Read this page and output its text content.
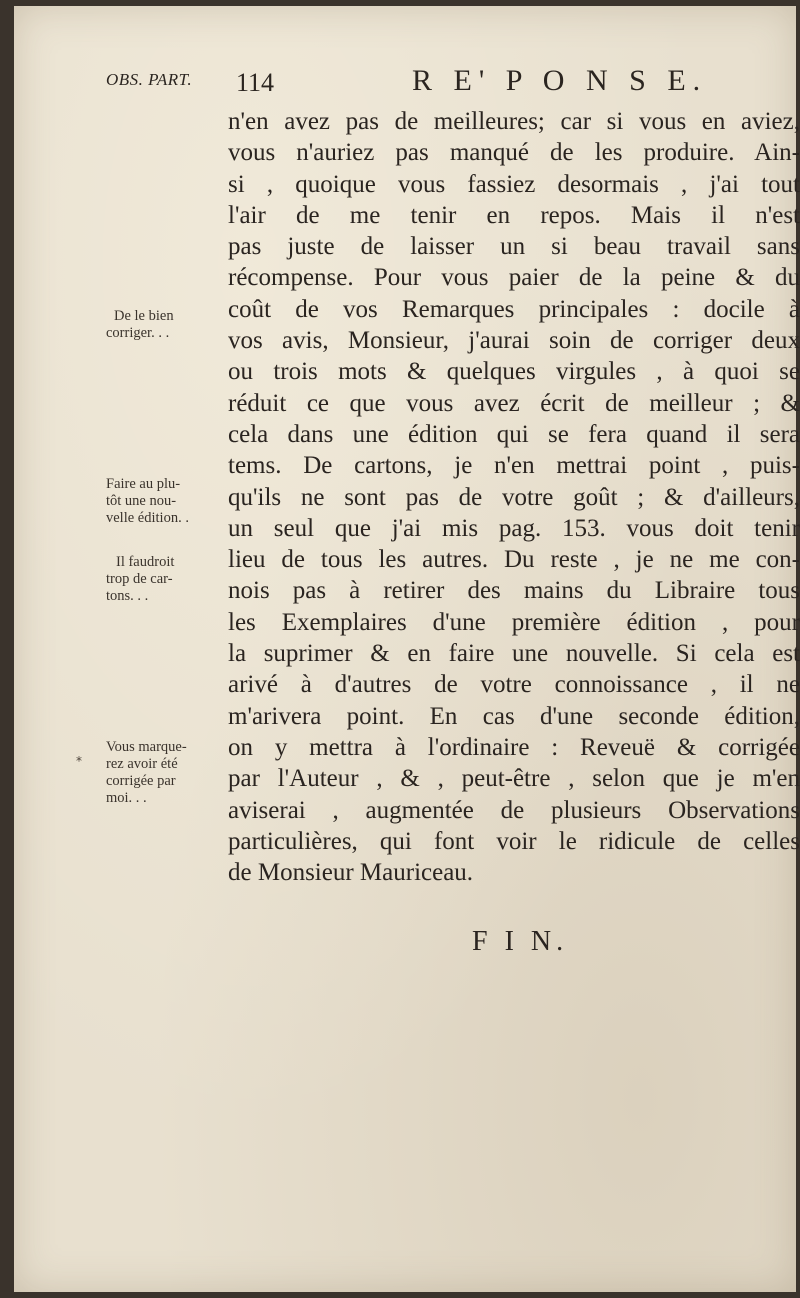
OBS. PART. 114	R E' P O N S E.
n'en avez pas de meilleures; car si vous en aviez,
vous n'auriez pas manqué de les produire. Ain-
si , quoique vous fassiez desormais , j'ai tout
l'air de me tenir en repos. Mais il n'est
pas juste de laisser un si beau travail sans
récompense. Pour vous paier de la peine & du
coût de vos Remarques principales : docile à
vos avis, Monsieur, j'aurai soin de corriger deux
ou trois mots & quelques virgules , à quoi se
réduit ce que vous avez écrit de meilleur ; &
cela dans une édition qui se fera quand il sera
tems. De cartons, je n'en mettrai point , puis-
qu'ils ne sont pas de votre goût ; & d'ailleurs,
un seul que j'ai mis pag. 153. vous doit tenir
lieu de tous les autres. Du reste , je ne me con-
nois pas à retirer des mains du Libraire tous
les Exemplaires d'une première édition , pour
la suprimer & en faire une nouvelle. Si cela est
arivé à d'autres de votre connoissance , il ne
m'arivera point. En cas d'une seconde édition,
on y mettra à l'ordinaire : Reveuë & corrigée
par l'Auteur , & , peut-être , selon que je m'en
aviserai , augmentée de plusieurs Observations
particulières, qui font voir le ridicule de celles
de Monsieur Mauriceau.
De le bien
corriger. . .
Faire au plu-
tôt une nou-
velle édition. .
Il faudroit
trop de car-
tons. . .
Vous marque-
rez avoir été
corrigée par
moi. . .
*
F I N.
